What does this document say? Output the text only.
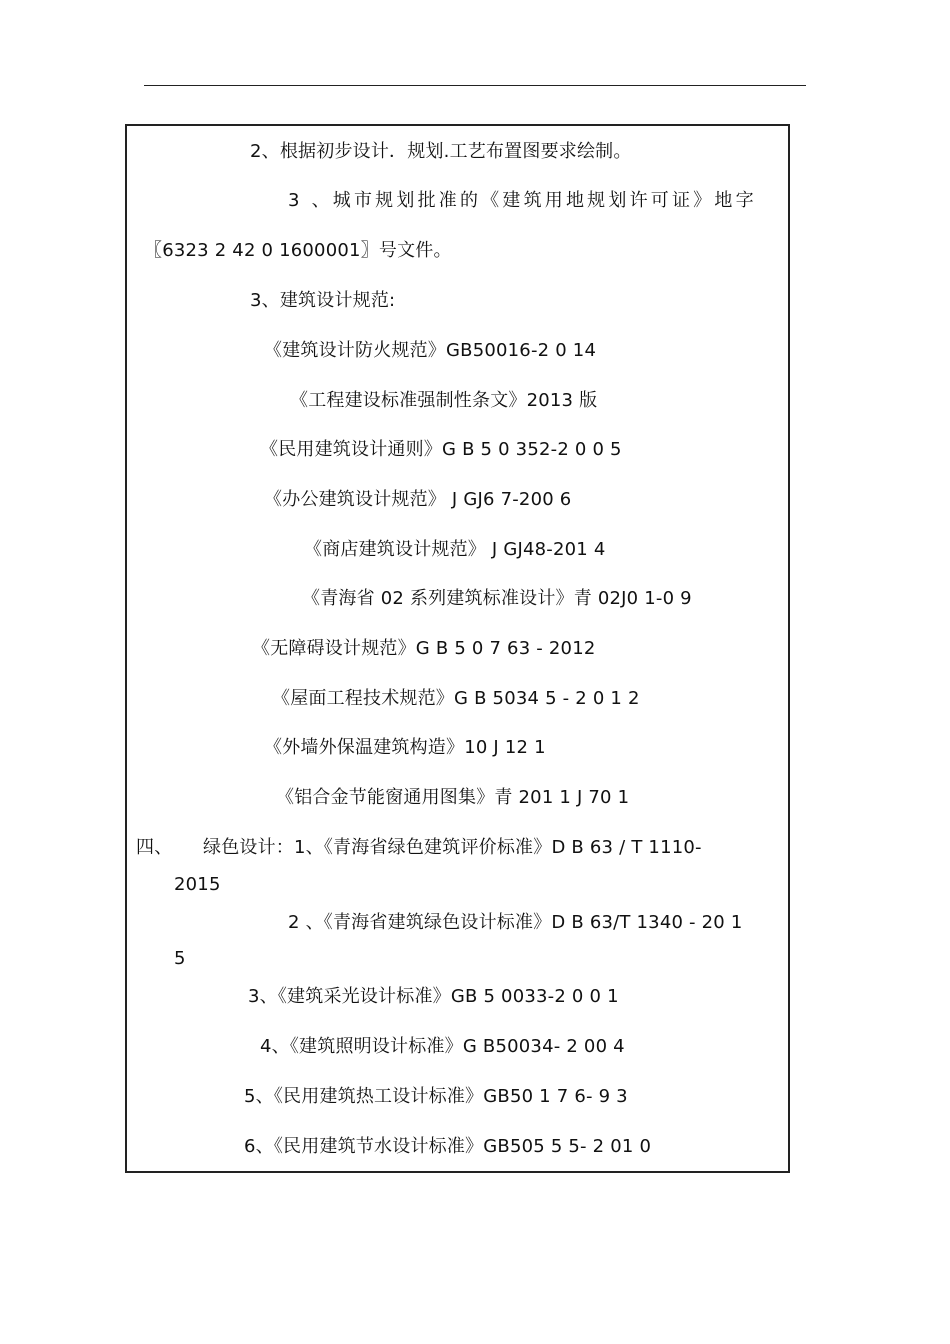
2、根据初步设计．规划.工艺布置图要求绘制。
3 、城市规划批准的《建筑用地规划许可证》地字
〖6323 2 42 0 1600001〗号文件。
3、建筑设计规范:
《建筑设计防火规范》GB50016-2 0 14
《工程建设标准强制性条文》2013 版
《民用建筑设计通则》G B 5 0 352-2 0 0 5
《办公建筑设计规范》 J GJ6 7-200 6
《商店建筑设计规范》 J GJ48-201 4
《青海省 02 系列建筑标准设计》青 02J0 1-0 9
《无障碍设计规范》G B 5 0 7 63 - 2012
《屋面工程技术规范》G B 5034 5 - 2 0 1 2
《外墙外保温建筑构造》10 J 12 1
《铝合金节能窗通用图集》青 201 1 J 70 1
四、 绿色设计：1、《青海省绿色建筑评价标准》D B 63 / T 1110-
2015
2 、《青海省建筑绿色设计标准》D B 63/T 1340 - 20 1
5
3、《建筑采光设计标准》GB 5 0033-2 0 0 1
4、《建筑照明设计标准》G B50034- 2 00 4
5、《民用建筑热工设计标准》GB50 1 7 6- 9 3
6、《民用建筑节水设计标准》GB505 5 5- 2 01 0
